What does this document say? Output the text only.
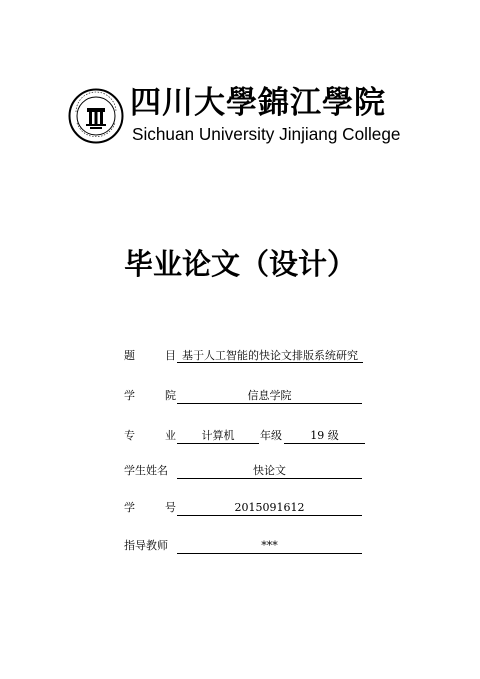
四川大學錦江學院
Sichuan University Jinjiang College
毕业论文（设计）
题	目 基于人工智能的快论文排版系统研究
学	院	信息学院
专	业	计算机	年级	19 级
学生姓名	快论文
学	号	2015091612
指导教师	***
